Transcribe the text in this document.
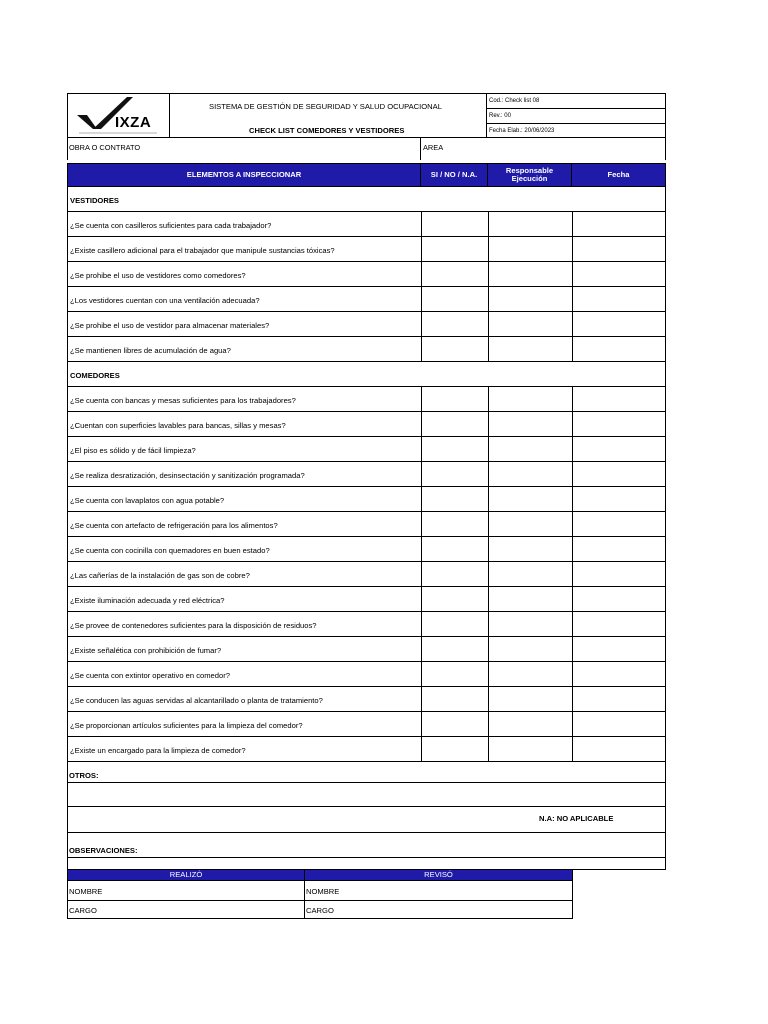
IXZA
SISTEMA DE GESTIÓN DE SEGURIDAD Y SALUD OCUPACIONAL
CHECK LIST COMEDORES Y VESTIDORES
Cod.: Check list 08
Rev.: 00
Fecha Elab.: 20/06/2023
OBRA O CONTRATO	AREA
ELEMENTOS A INSPECCIONAR	SI / NO / N.A.	Responsable Ejecución	Fecha
VESTIDORES
¿Se cuenta con casilleros suficientes para cada trabajador?
¿Existe casillero adicional para el trabajador que manipule sustancias tóxicas?
¿Se prohibe el uso de vestidores como comedores?
¿Los vestidores cuentan con una ventilación adecuada?
¿Se prohibe el uso de vestidor para almacenar materiales?
¿Se mantienen libres de acumulación de agua?
COMEDORES
¿Se cuenta con bancas y mesas suficientes para los trabajadores?
¿Cuentan con superficies lavables para bancas, sillas y mesas?
¿El piso es sólido y de fácil limpieza?
¿Se realiza desratización, desinsectación y sanitización programada?
¿Se cuenta con lavaplatos con agua potable?
¿Se cuenta con artefacto de refrigeración para los alimentos?
¿Se cuenta con cocinilla con quemadores en buen estado?
¿Las cañerías de la instalación de gas son de cobre?
¿Existe iluminación adecuada y red eléctrica?
¿Se provee de contenedores suficientes para la disposición de residuos?
¿Existe señalética con prohibición de fumar?
¿Se cuenta con extintor operativo en comedor?
¿Se conducen las aguas servidas al alcantarillado o planta de tratamiento?
¿Se proporcionan artículos suficientes para la limpieza del comedor?
¿Existe un encargado para la limpieza de comedor?
OTROS:
N.A: NO APLICABLE
OBSERVACIONES:
REALIZÓ	REVISÓ
NOMBRE	NOMBRE
CARGO	CARGO
